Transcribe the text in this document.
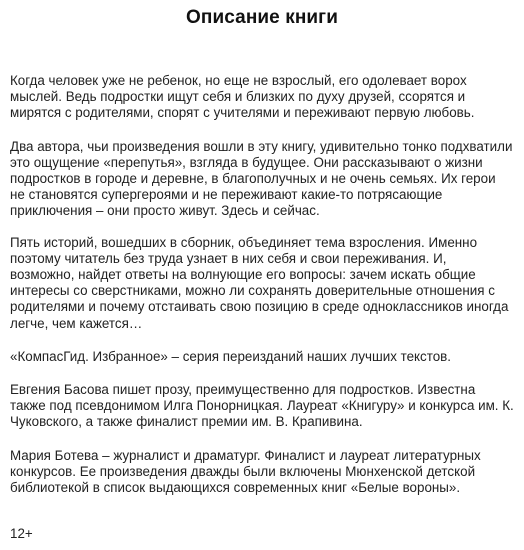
Описание книги

Когда человек уже не ребенок, но еще не взрослый, его одолевает ворох мыслей. Ведь подростки ищут себя и близких по духу друзей, ссорятся и мирятся с родителями, спорят с учителями и переживают первую любовь.

Два автора, чьи произведения вошли в эту книгу, удивительно тонко подхватили это ощущение «перепутья», взгляда в будущее. Они рассказывают о жизни подростков в городе и деревне, в благополучных и не очень семьях. Их герои не становятся супергероями и не переживают какие-то потрясающие приключения – они просто живут. Здесь и сейчас.

Пять историй, вошедших в сборник, объединяет тема взросления. Именно поэтому читатель без труда узнает в них себя и свои переживания. И, возможно, найдет ответы на волнующие его вопросы: зачем искать общие интересы со сверстниками, можно ли сохранять доверительные отношения с родителями и почему отстаивать свою позицию в среде одноклассников иногда легче, чем кажется…

«КомпасГид. Избранное» – серия переизданий наших лучших текстов.

Евгения Басова пишет прозу, преимущественно для подростков. Известна также под псевдонимом Илга Понорницкая. Лауреат «Книгуру» и конкурса им. К. Чуковского, а также финалист премии им. В. Крапивина.

Мария Ботева – журналист и драматург. Финалист и лауреат литературных конкурсов. Ее произведения дважды были включены Мюнхенской детской библиотекой в список выдающихся современных книг «Белые вороны».

12+
